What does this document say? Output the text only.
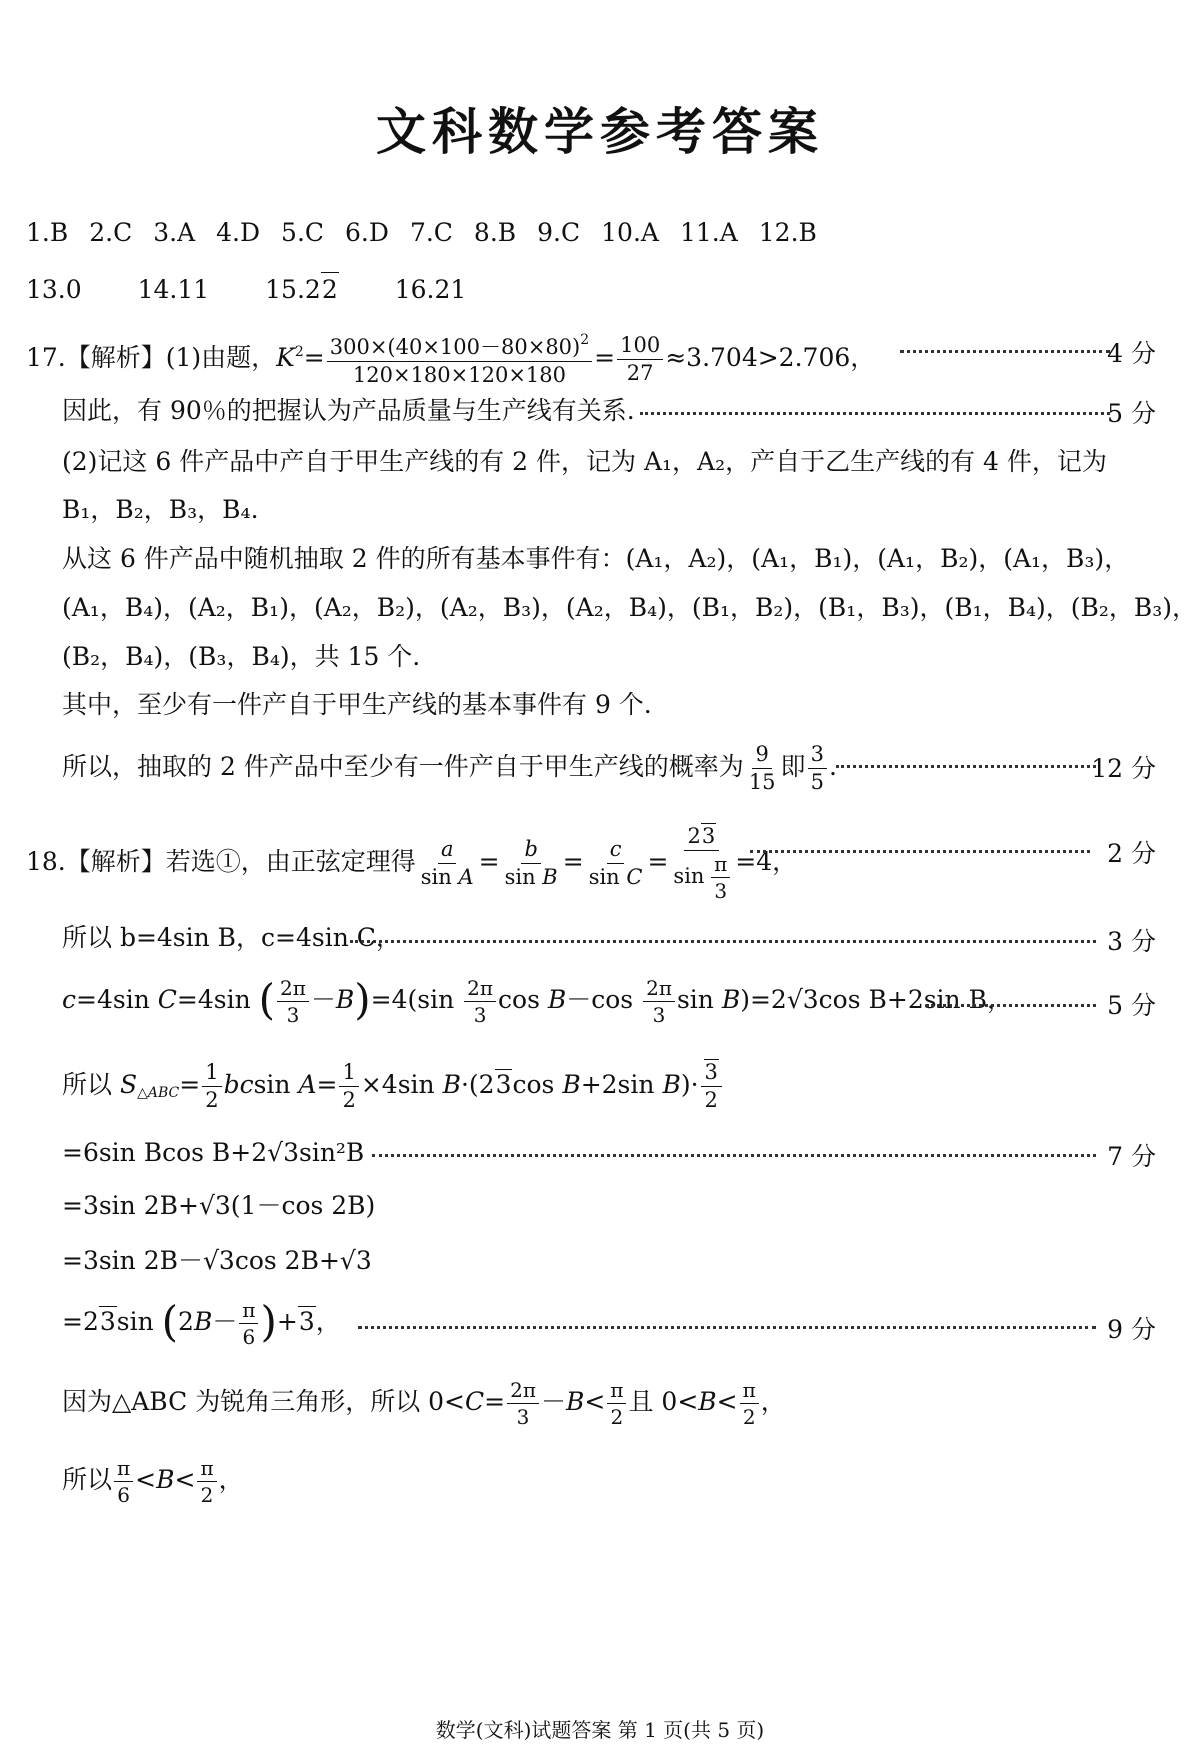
文科数学参考答案
1.B 2.C 3.A 4.D 5.C 6.D 7.C 8.B 9.C 10.A 11.A 12.B
13.0 14.11 15.22 16.21
17.【解析】(1)由题，$K^2= \frac{300\times(40\times 100-80\times 80)^2}{120\times 180\times 120\times 180} = \frac{100}{27} \approx 3.704>2.706$，	4 分
因此，有 90％的把握认为产品质量与生产线有关系.	5 分
(2)记这 6 件产品中产自于甲生产线的有 2 件，记为 A₁，A₂，产自于乙生产线的有 4 件，记为
B₁，B₂，B₃，B₄.
从这 6 件产品中随机抽取 2 件的所有基本事件有：(A₁，A₂)，(A₁，B₁)，(A₁，B₂)，(A₁，B₃)，
(A₁，B₄)，(A₂，B₁)，(A₂，B₂)，(A₂，B₃)，(A₂，B₄)，(B₁，B₂)，(B₁，B₃)，(B₁，B₄)，(B₂，B₃)，
(B₂，B₄)，(B₃，B₄)，共 15 个.
其中，至少有一件产自于甲生产线的基本事件有 9 个.
所以，抽取的 2 件产品中至少有一件产自于甲生产线的概率为 $\frac{9}{15}$ 即 $\frac{3}{5}$ .	12 分
18.【解析】若选①，由正弦定理得 $\frac{a}{\text{sin A}} = \frac{b}{\text{sin B}} = \frac{c}{\text{sin C}} = \frac{23}{\sin \frac{\pi}{3}} =4$，	2 分
所以 b=4sin B，c=4sin C，	3 分
c=4sin C=4sin ( $\frac{2\pi}{3} -B)=4(\sin \frac{2\pi}{3}$ $\cos B-\cos \frac{2\pi}{3}$ sin B)=2√3cos B+2sin B，	5 分
所以 $S_{\triangle ABC}= \frac{1}{2}$ bcsin $A= \frac{1}{2} \times 4\sin$ B·(23cos B+2sin $B)\cdot \frac{3}{2}$
=6sin Bcos B+2√3sin²B	7 分
=3sin 2B+√3(1－cos 2B)
=3sin 2B－√3cos 2B+√3
=23sin $(2B- \frac{\pi}{6} )+3$，	9 分
因为△ABC 为锐角三角形，所以 $0<C= \frac{2\pi}{3} -B< \frac{\pi}{2}$ 且 $0<B< \frac{\pi}{2}$ ，
所以 $\frac{\pi}{6} <B< \frac{\pi}{2}$ ，
数学(文科)试题答案 第 1 页(共 5 页)
